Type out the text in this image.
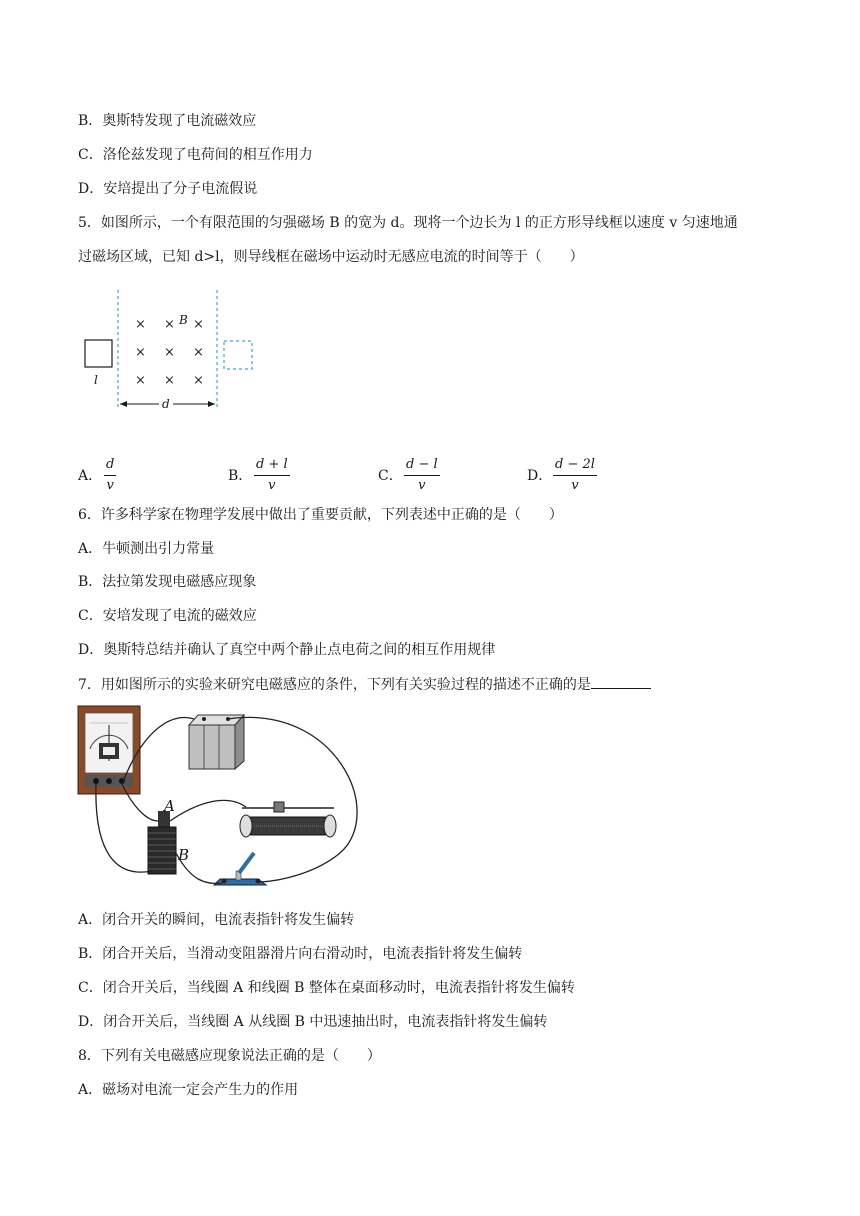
B．奥斯特发现了电流磁效应
C．洛伦兹发现了电荷间的相互作用力
D．安培提出了分子电流假说
5．如图所示，一个有限范围的匀强磁场 B 的宽为 d。现将一个边长为 l 的正方形导线框以速度 v 匀速地通
过磁场区域，已知 d>l，则导线框在磁场中运动时无感应电流的时间等于（　　）
l
× × ×
× × ×
× × ×
B
d
A．
d
v
B．
d + l
v
C．
d − l
v
D．
d − 2l
v
6．许多科学家在物理学发展中做出了重要贡献，下列表述中正确的是（　　）
A．牛顿测出引力常量
B．法拉第发现电磁感应现象
C．安培发现了电流的磁效应
D．奥斯特总结并确认了真空中两个静止点电荷之间的相互作用规律
7．用如图所示的实验来研究电磁感应的条件，下列有关实验过程的描述不正确的是
A
B
A．闭合开关的瞬间，电流表指针将发生偏转
B．闭合开关后，当滑动变阻器滑片向右滑动时，电流表指针将发生偏转
C．闭合开关后，当线圈 A 和线圈 B 整体在桌面移动时，电流表指针将发生偏转
D．闭合开关后，当线圈 A 从线圈 B 中迅速抽出时，电流表指针将发生偏转
8．下列有关电磁感应现象说法正确的是（　　）
A．磁场对电流一定会产生力的作用
